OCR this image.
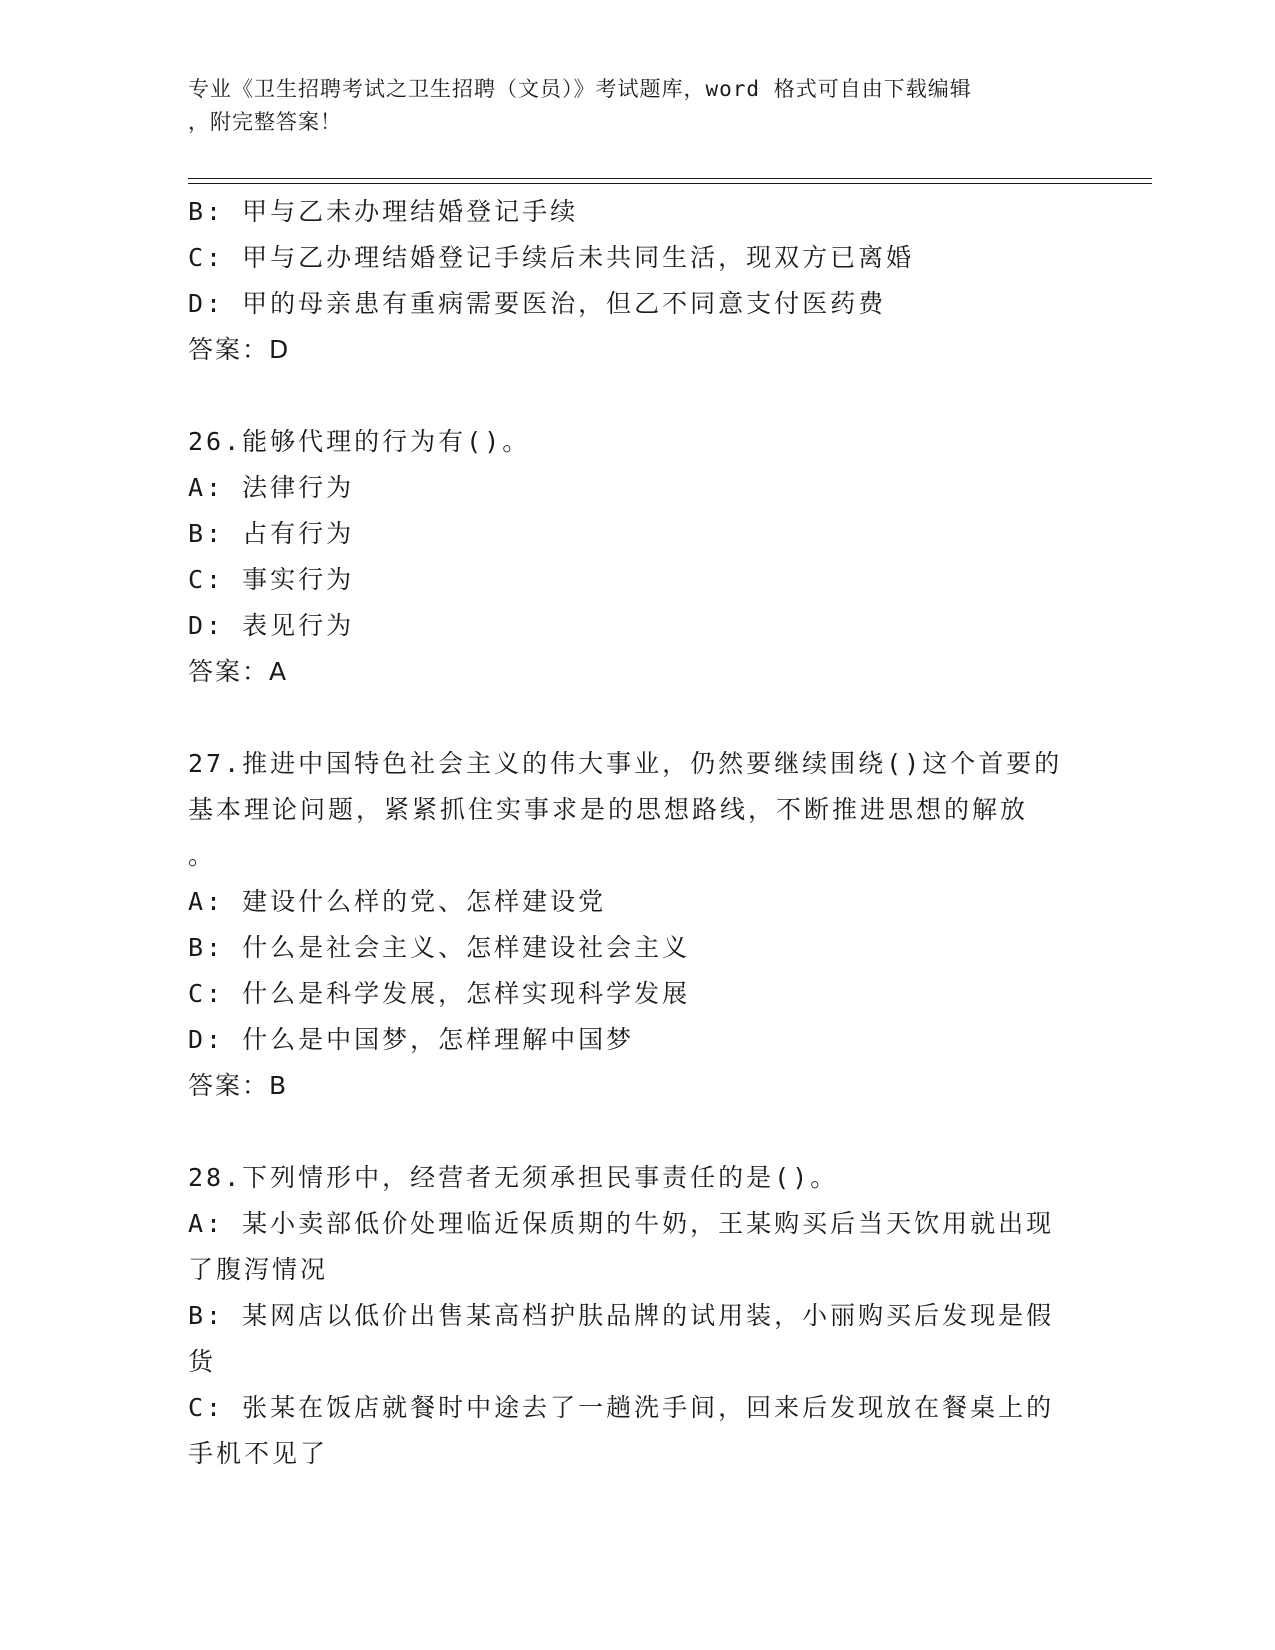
专业《卫生招聘考试之卫生招聘（文员）》考试题库，word 格式可自由下载编辑
，附完整答案！
B: 甲与乙未办理结婚登记手续
C: 甲与乙办理结婚登记手续后未共同生活，现双方已离婚
D: 甲的母亲患有重病需要医治，但乙不同意支付医药费
答案：D
26.能够代理的行为有()。
A: 法律行为
B: 占有行为
C: 事实行为
D: 表见行为
答案：A
27.推进中国特色社会主义的伟大事业，仍然要继续围绕()这个首要的
基本理论问题，紧紧抓住实事求是的思想路线，不断推进思想的解放
。
A: 建设什么样的党、怎样建设党
B: 什么是社会主义、怎样建设社会主义
C: 什么是科学发展，怎样实现科学发展
D: 什么是中国梦，怎样理解中国梦
答案：B
28.下列情形中，经营者无须承担民事责任的是()。
A: 某小卖部低价处理临近保质期的牛奶，王某购买后当天饮用就出现
了腹泻情况
B: 某网店以低价出售某高档护肤品牌的试用装，小丽购买后发现是假
货
C: 张某在饭店就餐时中途去了一趟洗手间，回来后发现放在餐桌上的
手机不见了
